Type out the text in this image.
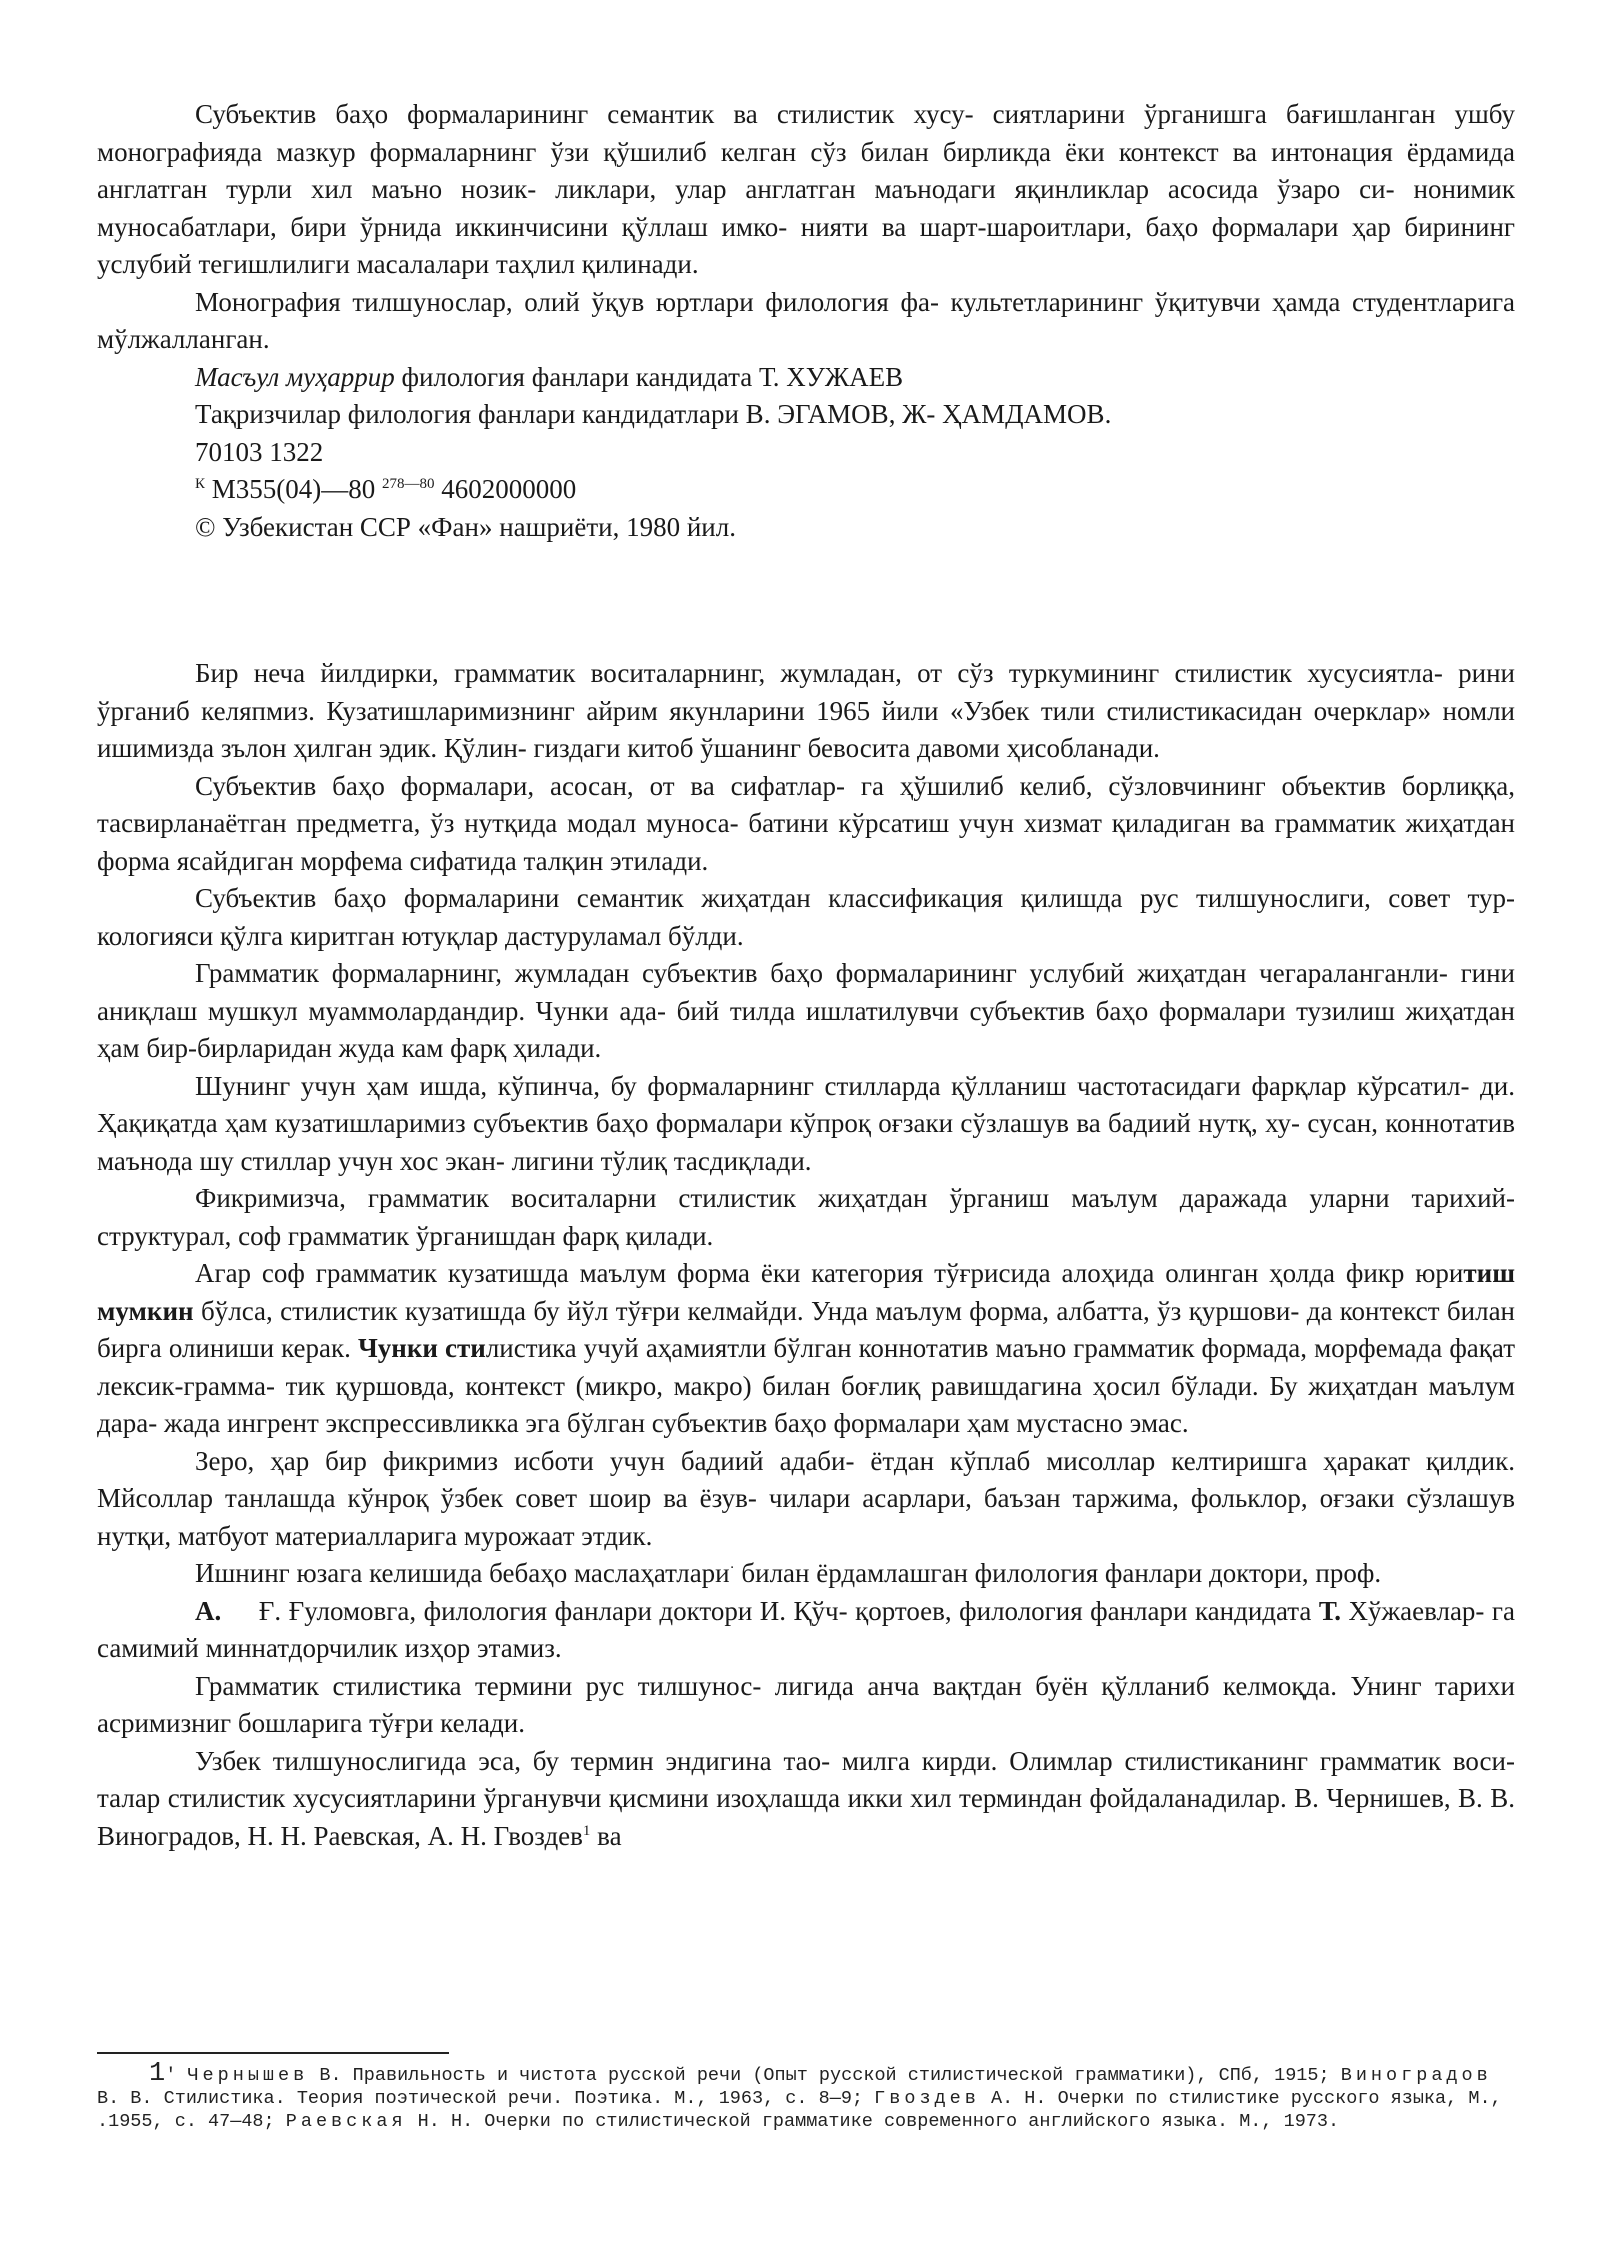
Субъектив баҳо формаларининг семантик ва стилистик хусу- сиятларини ўрганишга бағишланган ушбу монографияда мазкур формаларнинг ўзи қўшилиб келган сўз билан бирликда ёки контекст ва интонация ёрдамида англатган турли хил маъно нозик- ликлари, улар англатган маънодаги яқинликлар асосида ўзаро си- нонимик муносабатлари, бири ўрнида иккинчисини қўллаш имко- нияти ва шарт-шароитлари, баҳо формалари ҳар бирининг услубий тегишлилиги масалалари таҳлил қилинади.

Монография тилшунослар, олий ўқув юртлари филология фа- культетларининг ўқитувчи ҳамда студентларига мўлжалланган.

Масъул муҳаррир филология фанлари кандидата Т. ХУЖАЕВ
Тақризчилар филология фанлари кандидатлари В. ЭГАМОВ, Ж- ҲАМДАМОВ.
70103 1322
$^К$ М355(04)—80 $^{278—80}$ 4602000000
© Узбекистан ССР «Фан» нашриёти, 1980 йил.

Бир неча йилдирки, грамматик воситаларнинг, жумладан, от сўз туркумининг стилистик хусусиятла- рини ўрганиб келяпмиз. Кузатишларимизнинг айрим якунларини 1965 йили «Узбек тили стилистикасидан очерклар» номли ишимизда зълон ҳилган эдик. Қўлин- гиздаги китоб ўшанинг бевосита давоми ҳисобланади.

Субъектив баҳо формалари, асосан, от ва сифатлар- га ҳўшилиб келиб, сўзловчининг объектив борлиққа, тасвирланаётган предметга, ўз нутқида модал муноса- батини кўрсатиш учун хизмат қиладиган ва грамматик жиҳатдан форма ясайдиган морфема сифатида талқин этилади.

Субъектив баҳо формаларини семантик жиҳатдан классификация қилишда рус тилшунослиги, совет тур- кологияси қўлга киритган ютуқлар дастуруламал бўлди.

Грамматик формаларнинг, жумладан субъектив баҳо формаларининг услубий жиҳатдан чегараланганли- гини аниқлаш мушкул муаммолардандир. Чунки ада- бий тилда ишлатилувчи субъектив баҳо формалари тузилиш жиҳатдан ҳам бир-бирларидан жуда кам фарқ ҳилади.

Шунинг учун ҳам ишда, кўпинча, бу формаларнинг стилларда қўлланиш частотасидаги фарқлар кўрсатил- ди. Ҳақиқатда ҳам кузатишларимиз субъектив баҳо формалари кўпроқ оғзаки сўзлашув ва бадиий нутқ, ху- сусан, коннотатив маънода шу стиллар учун хос экан- лигини тўлиқ тасдиқлади.

Фикримизча, грамматик воситаларни стилистик жиҳатдан ўрганиш маълум даражада уларни тарихий- структурал, соф грамматик ўрганишдан фарқ қилади.

Агар соф грамматик кузатишда маълум форма ёки категория тўғрисида алоҳида олинган ҳолда фикр юритиш мумкин бўлса, стилистик кузатишда бу йўл тўғри келмайди. Унда маълум форма, албатта, ўз қуршови- да контекст билан бирга олиниши керак. Чунки стилистика учуй аҳамиятли бўлган коннотатив маъно грамматик формада, морфемада фақат лексик-грамма- тик қуршовда, контекст (микро, макро) билан боғлиқ равишдагина ҳосил бўлади. Бу жиҳатдан маълум дара- жада ингрент экспрессивликка эга бўлган субъектив баҳо формалари ҳам мустасно эмас.

Зеро, ҳар бир фикримиз исботи учун бадиий адаби- ётдан кўплаб мисоллар келтиришга ҳаракат қилдик. Мйсоллар танлашда кўнроқ ўзбек совет шоир ва ёзув- чилари асарлари, баъзан таржима, фольклор, оғзаки сўзлашув нутқи, матбуот материалларига мурожаат этдик.

Ишнинг юзага келишида бебаҳо маслаҳатлари· билан ёрдамлашган филология фанлари доктори, проф.

А.     Ғ. Ғуломовга, филология фанлари доктори И. Қўч- қортоев, филология фанлари кандидата Т. Хўжаевлар- га самимий миннатдорчилик изҳор этамиз.

Грамматик стилистика термини рус тилшунос- лигида анча вақтдан буён қўлланиб келмоқда. Унинг тарихи асримизниг бошларига тўғри келади.

Узбек тилшунослигида эса, бу термин эндигина тао- милга кирди. Олимлар стилистиканинг грамматик воси- талар стилистик хусусиятларини ўрганувчи қисмини изоҳлашда икки хил терминдан фойдаланадилар. В. Чернишев, В. В. Виноградов, Н. Н. Раевская, А. Н. Гвоздев$^1$ ва

1' Чернышев В. Правильность и чистота русской речи (Опыт русской стилистической грамматики), СПб, 1915; Виноградов В. В. Стилистика. Теория поэтической речи. Поэтика. М., 1963, с. 8—9; Гвоздев А. Н. Очерки по стилистике русского языка, М., .1955, с. 47—48; Раевская Н. Н. Очерки по стилистической грамматике современного английского языка. М., 1973.
